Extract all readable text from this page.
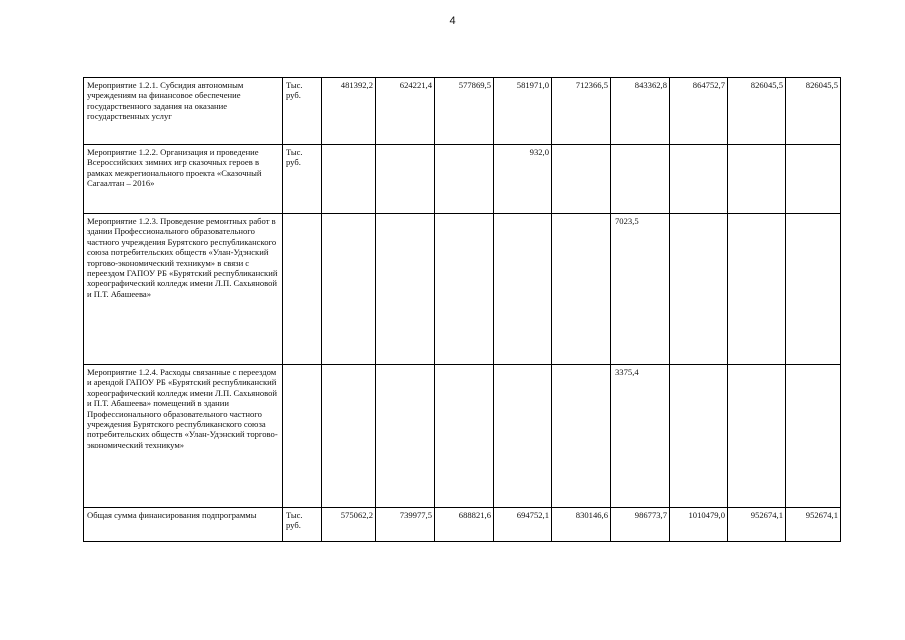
4
Мероприятие 1.2.1. Субсидия автономным учреждениям на финансовое обеспечение государственного задания на оказание государственных услуг	Тыс. руб.	481392,2	624221,4	577869,5	581971,0	712366,5	843362,8	864752,7	826045,5	826045,5
Мероприятие 1.2.2. Организация и проведение Всероссийских зимних игр сказочных героев в рамках межрегионального проекта «Сказочный Сагаалтан – 2016»	Тыс. руб.				932,0					
Мероприятие 1.2.3. Проведение ремонтных работ в здании Профессионального образовательного частного учреждения Бурятского республиканского союза потребительских обществ «Улан-Удэнский торгово-экономический техникум» в связи с переездом ГАПОУ РБ «Бурятский республиканский хореографический колледж имени Л.П. Сахьяновой и П.Т. Абашеева»							7023,5			
Мероприятие 1.2.4. Расходы связанные с переездом и арендой ГАПОУ РБ «Бурятский республиканский хореографический колледж имени Л.П. Сахьяновой и П.Т. Абашеева» помещений в здании Профессионального образовательного частного учреждения Бурятского республиканского союза потребительских обществ «Улан-Удэнский торгово-экономический техникум»							3375,4			
Общая сумма финансирования подпрограммы	Тыс. руб.	575062,2	739977,5	688821,6	694752,1	830146,6	986773,7	1010479,0	952674,1	952674,1
